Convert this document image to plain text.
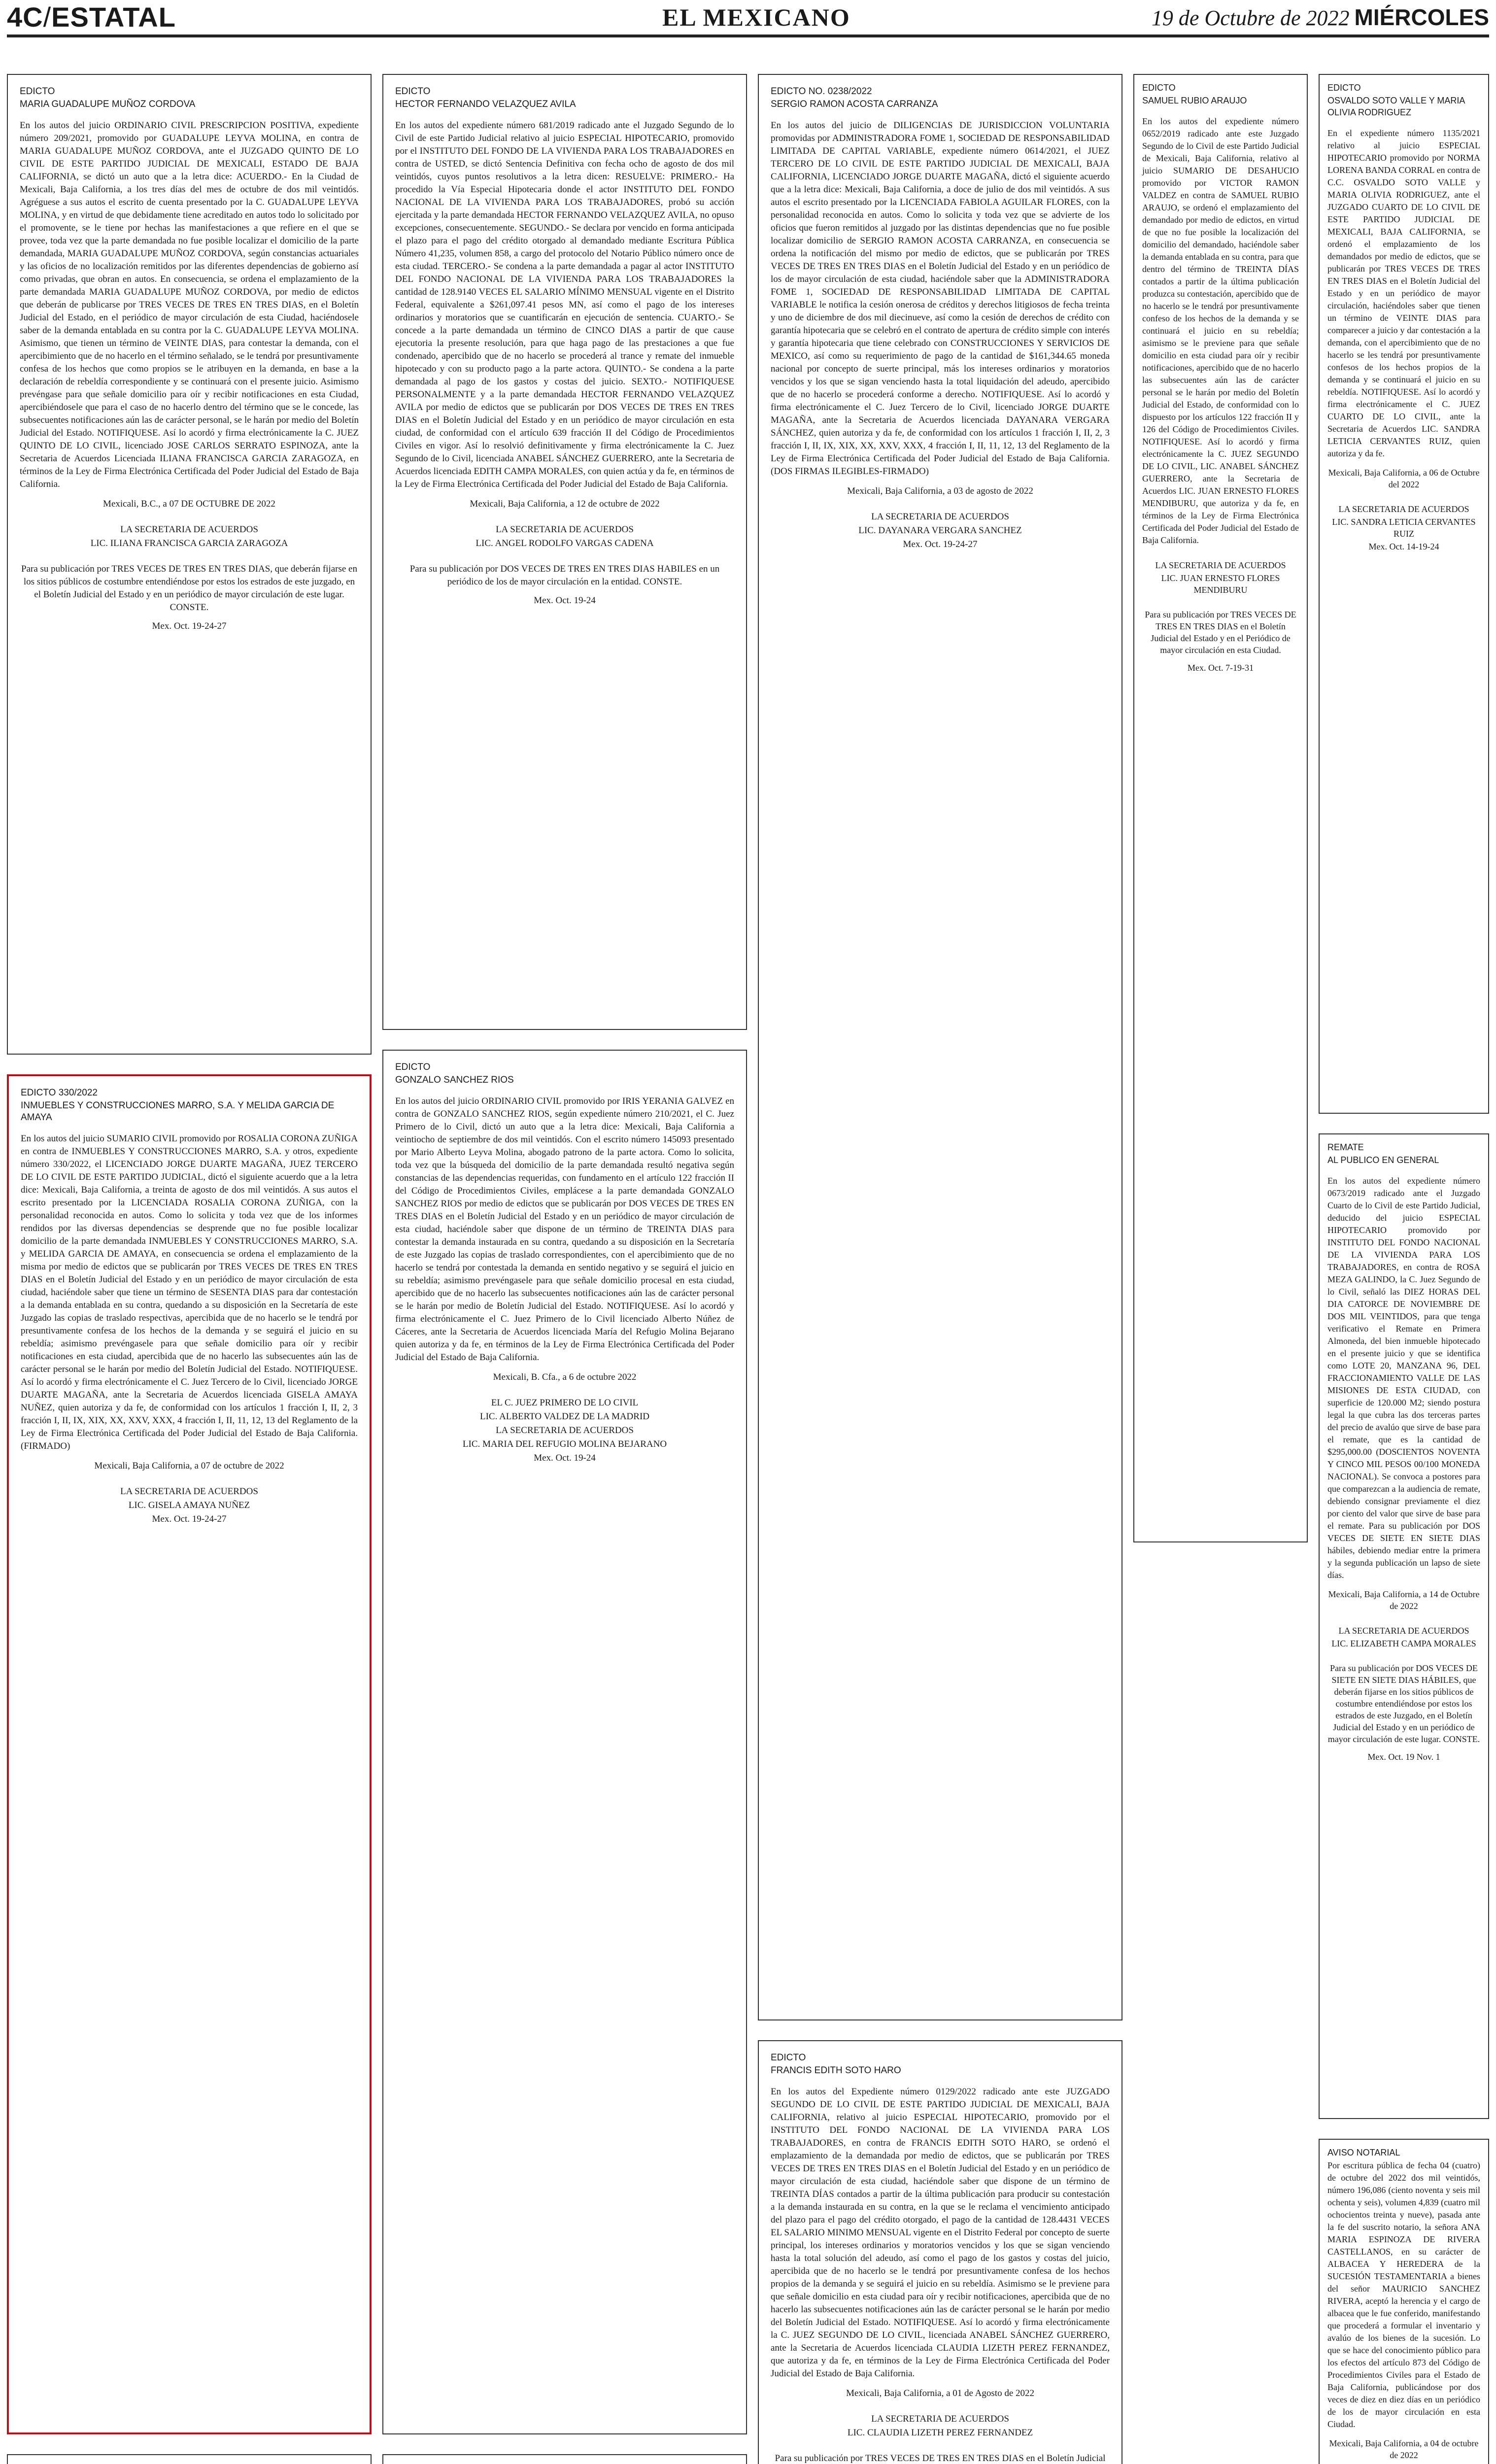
4C/ESTATAL	EL MEXICANO	19 de Octubre de 2022 MIÉRCOLES
EDICTO
MARIA GUADALUPE MUÑOZ CORDOVA

En los autos del juicio ORDINARIO CIVIL PRESCRIPCION POSITIVA, expediente número 209/2021, promovido por GUADALUPE LEYVA MOLINA, en contra de MARIA GUADALUPE MUÑOZ CORDOVA, ante el JUZGADO QUINTO DE LO CIVIL DE ESTE PARTIDO JUDICIAL DE MEXICALI, ESTADO DE BAJA CALIFORNIA, se dictó un auto que a la letra dice: ACUERDO.- En la Ciudad de Mexicali, Baja California, a los tres días del mes de octubre de dos mil veintidós. Agréguese a sus autos el escrito de cuenta presentado por la C. GUADALUPE LEYVA MOLINA, y en virtud de que debidamente tiene acreditado en autos todo lo solicitado por el promovente, se le tiene por hechas las manifestaciones a que refiere en el que se provee, toda vez que la parte demandada no fue posible localizar el domicilio de la parte demandada, MARIA GUADALUPE MUÑOZ CORDOVA, según constancias actuariales y las oficios de no localización remitidos por las diferentes dependencias de gobierno así como privadas, que obran en autos. En consecuencia, se ordena el emplazamiento de la parte demandada MARIA GUADALUPE MUÑOZ CORDOVA, por medio de edictos que deberán de publicarse por TRES VECES DE TRES EN TRES DIAS, en el Boletín Judicial del Estado, en el periódico de mayor circulación de esta Ciudad, haciéndosele saber de la demanda entablada en su contra por la C. GUADALUPE LEYVA MOLINA. Asimismo, que tienen un término de VEINTE DIAS, para contestar la demanda, con el apercibimiento que de no hacerlo en el término señalado, se le tendrá por presuntivamente confesa de los hechos que como propios se le atribuyen en la demanda, en base a la declaración de rebeldía correspondiente y se continuará con el presente juicio. Asimismo prevéngase para que señale domicilio para oír y recibir notificaciones en esta Ciudad, apercibiéndosele que para el caso de no hacerlo dentro del término que se le concede, las subsecuentes notificaciones aún las de carácter personal, se le harán por medio del Boletín Judicial del Estado. NOTIFIQUESE. Así lo acordó y firma electrónicamente la C. JUEZ QUINTO DE LO CIVIL, licenciado JOSE CARLOS SERRATO ESPINOZA, ante la Secretaria de Acuerdos Licenciada ILIANA FRANCISCA GARCIA ZARAGOZA, en términos de la Ley de Firma Electrónica Certificada del Poder Judicial del Estado de Baja California.

Mexicali, B.C., a 07 DE OCTUBRE DE 2022

LA SECRETARIA DE ACUERDOS
LIC. ILIANA FRANCISCA GARCIA ZARAGOZA

Para su publicación por TRES VECES DE TRES EN TRES DIAS, que deberán fijarse en los sitios públicos de costumbre entendiéndose por estos los estrados de este juzgado, en el Boletín Judicial del Estado y en un periódico de mayor circulación de este lugar. CONSTE.

Mex. Oct. 19-24-27
EDICTO 330/2022
INMUEBLES Y CONSTRUCCIONES MARRO, S.A. Y MELIDA GARCIA DE AMAYA

En los autos del juicio SUMARIO CIVIL promovido por ROSALIA CORONA ZUÑIGA en contra de INMUEBLES Y CONSTRUCCIONES MARRO, S.A. y otros, expediente número 330/2022, el LICENCIADO JORGE DUARTE MAGAÑA, JUEZ TERCERO DE LO CIVIL DE ESTE PARTIDO JUDICIAL, dictó el siguiente acuerdo que a la letra dice: Mexicali, Baja California, a treinta de agosto de dos mil veintidós. A sus autos el escrito presentado por la LICENCIADA ROSALIA CORONA ZUÑIGA, con la personalidad reconocida en autos. Como lo solicita y toda vez que de los informes rendidos por las diversas dependencias se desprende que no fue posible localizar domicilio de la parte demandada INMUEBLES Y CONSTRUCCIONES MARRO, S.A. y MELIDA GARCIA DE AMAYA, en consecuencia se ordena el emplazamiento de la misma por medio de edictos que se publicarán por TRES VECES DE TRES EN TRES DIAS en el Boletín Judicial del Estado y en un periódico de mayor circulación de esta ciudad, haciéndole saber que tiene un término de SESENTA DIAS para dar contestación a la demanda entablada en su contra, quedando a su disposición en la Secretaría de este Juzgado las copias de traslado respectivas, apercibida que de no hacerlo se le tendrá por presuntivamente confesa de los hechos de la demanda y se seguirá el juicio en su rebeldía; asimismo prevéngasele para que señale domicilio para oír y recibir notificaciones en esta ciudad, apercibida que de no hacerlo las subsecuentes aún las de carácter personal se le harán por medio del Boletín Judicial del Estado. NOTIFIQUESE. Así lo acordó y firma electrónicamente el C. Juez Tercero de lo Civil, licenciado JORGE DUARTE MAGAÑA, ante la Secretaria de Acuerdos licenciada GISELA AMAYA NUÑEZ, quien autoriza y da fe, de conformidad con los artículos 1 fracción I, II, 2, 3 fracción I, II, IX, XIX, XX, XXV, XXX, 4 fracción I, II, 11, 12, 13 del Reglamento de la Ley de Firma Electrónica Certificada del Poder Judicial del Estado de Baja California. (FIRMADO)

Mexicali, Baja California, a 07 de octubre de 2022

LA SECRETARIA DE ACUERDOS
LIC. GISELA AMAYA NUÑEZ
Mex. Oct. 19-24-27

EDICTO
HECTOR FERNANDO VELAZQUEZ AVILA

En los autos del expediente número 681/2019 radicado ante el Juzgado Segundo de lo Civil de este Partido Judicial relativo al juicio ESPECIAL HIPOTECARIO, promovido por el INSTITUTO DEL FONDO DE LA VIVIENDA PARA LOS TRABAJADORES en contra de USTED, se dictó Sentencia Definitiva con fecha ocho de agosto de dos mil veintidós, cuyos puntos resolutivos a la letra dicen: RESUELVE: PRIMERO.- Ha procedido la Vía Especial Hipotecaria donde el actor INSTITUTO DEL FONDO NACIONAL DE LA VIVIENDA PARA LOS TRABAJADORES, probó su acción ejercitada y la parte demandada HECTOR FERNANDO VELAZQUEZ AVILA, no opuso excepciones, consecuentemente. SEGUNDO.- Se declara por vencido en forma anticipada el plazo para el pago del crédito otorgado al demandado mediante Escritura Pública Número 41,235, volumen 858, a cargo del protocolo del Notario Público número once de esta ciudad. TERCERO.- Se condena a la parte demandada a pagar al actor INSTITUTO DEL FONDO NACIONAL DE LA VIVIENDA PARA LOS TRABAJADORES la cantidad de 128.9140 VECES EL SALARIO MÍNIMO MENSUAL vigente en el Distrito Federal, equivalente a $261,097.41 pesos MN, así como el pago de los intereses ordinarios y moratorios que se cuantificarán en ejecución de sentencia. CUARTO.- Se concede a la parte demandada un término de CINCO DIAS a partir de que cause ejecutoria la presente resolución, para que haga pago de las prestaciones a que fue condenado, apercibido que de no hacerlo se procederá al trance y remate del inmueble hipotecado y con su producto pago a la parte actora. QUINTO.- Se condena a la parte demandada al pago de los gastos y costas del juicio. SEXTO.- NOTIFIQUESE PERSONALMENTE y a la parte demandada HECTOR FERNANDO VELAZQUEZ AVILA por medio de edictos que se publicarán por DOS VECES DE TRES EN TRES DIAS en el Boletín Judicial del Estado y en un periódico de mayor circulación en esta ciudad, de conformidad con el artículo 639 fracción II del Código de Procedimientos Civiles en vigor. Así lo resolvió definitivamente y firma electrónicamente la C. Juez Segundo de lo Civil, licenciada ANABEL SÁNCHEZ GUERRERO, ante la Secretaria de Acuerdos licenciada EDITH CAMPA MORALES, con quien actúa y da fe, en términos de la Ley de Firma Electrónica Certificada del Poder Judicial del Estado de Baja California.

Mexicali, Baja California, a 12 de octubre de 2022

LA SECRETARIA DE ACUERDOS
LIC. ANGEL RODOLFO VARGAS CADENA

Para su publicación por DOS VECES DE TRES EN TRES DIAS HABILES en un periódico de los de mayor circulación en la entidad. CONSTE.

Mex. Oct. 19-24
EDICTO
GONZALO SANCHEZ RIOS

En los autos del juicio ORDINARIO CIVIL promovido por IRIS YERANIA GALVEZ en contra de GONZALO SANCHEZ RIOS, según expediente número 210/2021, el C. Juez Primero de lo Civil, dictó un auto que a la letra dice: Mexicali, Baja California a veintiocho de septiembre de dos mil veintidós. Con el escrito número 145093 presentado por Mario Alberto Leyva Molina, abogado patrono de la parte actora. Como lo solicita, toda vez que la búsqueda del domicilio de la parte demandada resultó negativa según constancias de las dependencias requeridas, con fundamento en el artículo 122 fracción II del Código de Procedimientos Civiles, emplácese a la parte demandada GONZALO SANCHEZ RIOS por medio de edictos que se publicarán por DOS VECES DE TRES EN TRES DIAS en el Boletín Judicial del Estado y en un periódico de mayor circulación de esta ciudad, haciéndole saber que dispone de un término de TREINTA DIAS para contestar la demanda instaurada en su contra, quedando a su disposición en la Secretaría de este Juzgado las copias de traslado correspondientes, con el apercibimiento que de no hacerlo se tendrá por contestada la demanda en sentido negativo y se seguirá el juicio en su rebeldía; asimismo prevéngasele para que señale domicilio procesal en esta ciudad, apercibido que de no hacerlo las subsecuentes notificaciones aún las de carácter personal se le harán por medio de Boletín Judicial del Estado. NOTIFIQUESE. Así lo acordó y firma electrónicamente el C. Juez Primero de lo Civil licenciado Alberto Núñez de Cáceres, ante la Secretaria de Acuerdos licenciada María del Refugio Molina Bejarano quien autoriza y da fe, en términos de la Ley de Firma Electrónica Certificada del Poder Judicial del Estado de Baja California.

Mexicali, B. Cfa., a 6 de octubre 2022

EL C. JUEZ PRIMERO DE LO CIVIL
LIC. ALBERTO VALDEZ DE LA MADRID
LA SECRETARIA DE ACUERDOS
LIC. MARIA DEL REFUGIO MOLINA BEJARANO
Mex. Oct. 19-24

EDICTO NO. 0238/2022
SERGIO RAMON ACOSTA CARRANZA

En los autos del juicio de DILIGENCIAS DE JURISDICCION VOLUNTARIA promovidas por ADMINISTRADORA FOME 1, SOCIEDAD DE RESPONSABILIDAD LIMITADA DE CAPITAL VARIABLE, expediente número 0614/2021, el JUEZ TERCERO DE LO CIVIL DE ESTE PARTIDO JUDICIAL DE MEXICALI, BAJA CALIFORNIA, LICENCIADO JORGE DUARTE MAGAÑA, dictó el siguiente acuerdo que a la letra dice: Mexicali, Baja California, a doce de julio de dos mil veintidós. A sus autos el escrito presentado por la LICENCIADA FABIOLA AGUILAR FLORES, con la personalidad reconocida en autos. Como lo solicita y toda vez que se advierte de los oficios que fueron remitidos al juzgado por las distintas dependencias que no fue posible localizar domicilio de SERGIO RAMON ACOSTA CARRANZA, en consecuencia se ordena la notificación del mismo por medio de edictos, que se publicarán por TRES VECES DE TRES EN TRES DIAS en el Boletín Judicial del Estado y en un periódico de los de mayor circulación de esta ciudad, haciéndole saber que la ADMINISTRADORA FOME 1, SOCIEDAD DE RESPONSABILIDAD LIMITADA DE CAPITAL VARIABLE le notifica la cesión onerosa de créditos y derechos litigiosos de fecha treinta y uno de diciembre de dos mil diecinueve, así como la cesión de derechos de crédito con garantía hipotecaria que se celebró en el contrato de apertura de crédito simple con interés y garantía hipotecaria que tiene celebrado con CONSTRUCCIONES Y SERVICIOS DE MEXICO, así como su requerimiento de pago de la cantidad de $161,344.65 moneda nacional por concepto de suerte principal, más los intereses ordinarios y moratorios vencidos y los que se sigan venciendo hasta la total liquidación del adeudo, apercibido que de no hacerlo se procederá conforme a derecho. NOTIFIQUESE. Así lo acordó y firma electrónicamente el C. Juez Tercero de lo Civil, licenciado JORGE DUARTE MAGAÑA, ante la Secretaria de Acuerdos licenciada DAYANARA VERGARA SÁNCHEZ, quien autoriza y da fe, de conformidad con los artículos 1 fracción I, II, 2, 3 fracción I, II, IX, XIX, XX, XXV, XXX, 4 fracción I, II, 11, 12, 13 del Reglamento de la Ley de Firma Electrónica Certificada del Poder Judicial del Estado de Baja California. (DOS FIRMAS ILEGIBLES-FIRMADO)

Mexicali, Baja California, a 03 de agosto de 2022

LA SECRETARIA DE ACUERDOS
LIC. DAYANARA VERGARA SANCHEZ
Mex. Oct. 19-24-27
EDICTO
FRANCIS EDITH SOTO HARO

En los autos del Expediente número 0129/2022 radicado ante este JUZGADO SEGUNDO DE LO CIVIL DE ESTE PARTIDO JUDICIAL DE MEXICALI, BAJA CALIFORNIA, relativo al juicio ESPECIAL HIPOTECARIO, promovido por el INSTITUTO DEL FONDO NACIONAL DE LA VIVIENDA PARA LOS TRABAJADORES, en contra de FRANCIS EDITH SOTO HARO, se ordenó el emplazamiento de la demandada por medio de edictos, que se publicarán por TRES VECES DE TRES EN TRES DIAS en el Boletín Judicial del Estado y en un periódico de mayor circulación de esta ciudad, haciéndole saber que dispone de un término de TREINTA DÍAS contados a partir de la última publicación para producir su contestación a la demanda instaurada en su contra, en la que se le reclama el vencimiento anticipado del plazo para el pago del crédito otorgado, el pago de la cantidad de 128.4431 VECES EL SALARIO MINIMO MENSUAL vigente en el Distrito Federal por concepto de suerte principal, los intereses ordinarios y moratorios vencidos y los que se sigan venciendo hasta la total solución del adeudo, así como el pago de los gastos y costas del juicio, apercibida que de no hacerlo se le tendrá por presuntivamente confesa de los hechos propios de la demanda y se seguirá el juicio en su rebeldía. Asimismo se le previene para que señale domicilio en esta ciudad para oír y recibir notificaciones, apercibida que de no hacerlo las subsecuentes notificaciones aún las de carácter personal se le harán por medio del Boletín Judicial del Estado. NOTIFIQUESE. Así lo acordó y firma electrónicamente la C. JUEZ SEGUNDO DE LO CIVIL, licenciada ANABEL SÁNCHEZ GUERRERO, ante la Secretaria de Acuerdos licenciada CLAUDIA LIZETH PEREZ FERNANDEZ, que autoriza y da fe, en términos de la Ley de Firma Electrónica Certificada del Poder Judicial del Estado de Baja California.

Mexicali, Baja California, a 01 de Agosto de 2022

LA SECRETARIA DE ACUERDOS
LIC. CLAUDIA LIZETH PEREZ FERNANDEZ

Para su publicación por TRES VECES DE TRES EN TRES DIAS en el Boletín Judicial

EDICTO
SAMUEL RUBIO ARAUJO

En los autos del expediente número 0652/2019 radicado ante este Juzgado Segundo de lo Civil de este Partido Judicial de Mexicali, Baja California, relativo al juicio SUMARIO DE DESAHUCIO promovido por VICTOR RAMON VALDEZ en contra de SAMUEL RUBIO ARAUJO, se ordenó el emplazamiento del demandado por medio de edictos, en virtud de que no fue posible la localización del domicilio del demandado, haciéndole saber la demanda entablada en su contra, para que dentro del término de TREINTA DÍAS contados a partir de la última publicación produzca su contestación, apercibido que de no hacerlo se le tendrá por presuntivamente confeso de los hechos de la demanda y se continuará el juicio en su rebeldía; asimismo se le previene para que señale domicilio en esta ciudad para oír y recibir notificaciones, apercibido que de no hacerlo las subsecuentes aún las de carácter personal se le harán por medio del Boletín Judicial del Estado, de conformidad con lo dispuesto por los artículos 122 fracción II y 126 del Código de Procedimientos Civiles. NOTIFIQUESE. Así lo acordó y firma electrónicamente la C. JUEZ SEGUNDO DE LO CIVIL, LIC. ANABEL SÁNCHEZ GUERRERO, ante la Secretaria de Acuerdos LIC. JUAN ERNESTO FLORES MENDIBURU, que autoriza y da fe, en términos de la Ley de Firma Electrónica Certificada del Poder Judicial del Estado de Baja California.

LA SECRETARIA DE ACUERDOS
LIC. JUAN ERNESTO FLORES MENDIBURU

Para su publicación por TRES VECES DE TRES EN TRES DIAS en el Boletín Judicial del Estado y en el Periódico de mayor circulación en esta Ciudad.

Mex. Oct. 7-19-31
EDICTO
OSVALDO SOTO VALLE Y MARIA OLIVIA RODRIGUEZ

En el expediente número 1135/2021 relativo al juicio ESPECIAL HIPOTECARIO promovido por NORMA LORENA BANDA CORRAL en contra de C.C. OSVALDO SOTO VALLE y MARIA OLIVIA RODRIGUEZ, ante el JUZGADO CUARTO DE LO CIVIL DE ESTE PARTIDO JUDICIAL DE MEXICALI, BAJA CALIFORNIA, se ordenó el emplazamiento de los demandados por medio de edictos, que se publicarán por TRES VECES DE TRES EN TRES DIAS en el Boletín Judicial del Estado y en un periódico de mayor circulación, haciéndoles saber que tienen un término de VEINTE DIAS para comparecer a juicio y dar contestación a la demanda, con el apercibimiento que de no hacerlo se les tendrá por presuntivamente confesos de los hechos propios de la demanda y se continuará el juicio en su rebeldía. NOTIFIQUESE. Así lo acordó y firma electrónicamente el C. JUEZ CUARTO DE LO CIVIL, ante la Secretaria de Acuerdos LIC. SANDRA LETICIA CERVANTES RUIZ, quien autoriza y da fe.

Mexicali, Baja California, a 06 de Octubre del 2022

LA SECRETARIA DE ACUERDOS
LIC. SANDRA LETICIA CERVANTES RUIZ
Mex. Oct. 14-19-24
REMATE
AL PUBLICO EN GENERAL

En los autos del expediente número 0673/2019 radicado ante el Juzgado Cuarto de lo Civil de este Partido Judicial, deducido del juicio ESPECIAL HIPOTECARIO promovido por INSTITUTO DEL FONDO NACIONAL DE LA VIVIENDA PARA LOS TRABAJADORES, en contra de ROSA MEZA GALINDO, la C. Juez Segundo de lo Civil, señaló las DIEZ HORAS DEL DIA CATORCE DE NOVIEMBRE DE DOS MIL VEINTIDOS, para que tenga verificativo el Remate en Primera Almoneda, del bien inmueble hipotecado en el presente juicio y que se identifica como LOTE 20, MANZANA 96, DEL FRACCIONAMIENTO VALLE DE LAS MISIONES DE ESTA CIUDAD, con superficie de 120.000 M2; siendo postura legal la que cubra las dos terceras partes del precio de avalúo que sirve de base para el remate, que es la cantidad de $295,000.00 (DOSCIENTOS NOVENTA Y CINCO MIL PESOS 00/100 MONEDA NACIONAL). Se convoca a postores para que comparezcan a la audiencia de remate, debiendo consignar previamente el diez por ciento del valor que sirve de base para el remate. Para su publicación por DOS VECES DE SIETE EN SIETE DIAS hábiles, debiendo mediar entre la primera y la segunda publicación un lapso de siete días.

Mexicali, Baja California, a 14 de Octubre de 2022

LA SECRETARIA DE ACUERDOS
LIC. ELIZABETH CAMPA MORALES

Para su publicación por DOS VECES DE SIETE EN SIETE DIAS HÁBILES, que deberán fijarse en los sitios públicos de costumbre entendiéndose por estos los estrados de este Juzgado, en el Boletín Judicial del Estado y en un periódico de mayor circulación de este lugar. CONSTE.

Mex. Oct. 19 Nov. 1
AVISO NOTARIAL

Por escritura pública de fecha 04 (cuatro) de octubre del 2022 dos mil veintidós, número 196,086 (ciento noventa y seis mil ochenta y seis), volumen 4,839 (cuatro mil ochocientos treinta y nueve), pasada ante la fe del suscrito notario, la señora ANA MARIA ESPINOZA DE RIVERA CASTELLANOS, en su carácter de ALBACEA Y HEREDERA de la SUCESIÓN TESTAMENTARIA a bienes del señor MAURICIO SANCHEZ RIVERA, aceptó la herencia y el cargo de albacea que le fue conferido, manifestando que procederá a formular el inventario y avalúo de los bienes de la sucesión. Lo que se hace del conocimiento público para los efectos del artículo 873 del Código de Procedimientos Civiles para el Estado de Baja California, publicándose por dos veces de diez en diez días en un periódico de los de mayor circulación en esta Ciudad.

Mexicali, Baja California, a 04 de octubre de 2022
